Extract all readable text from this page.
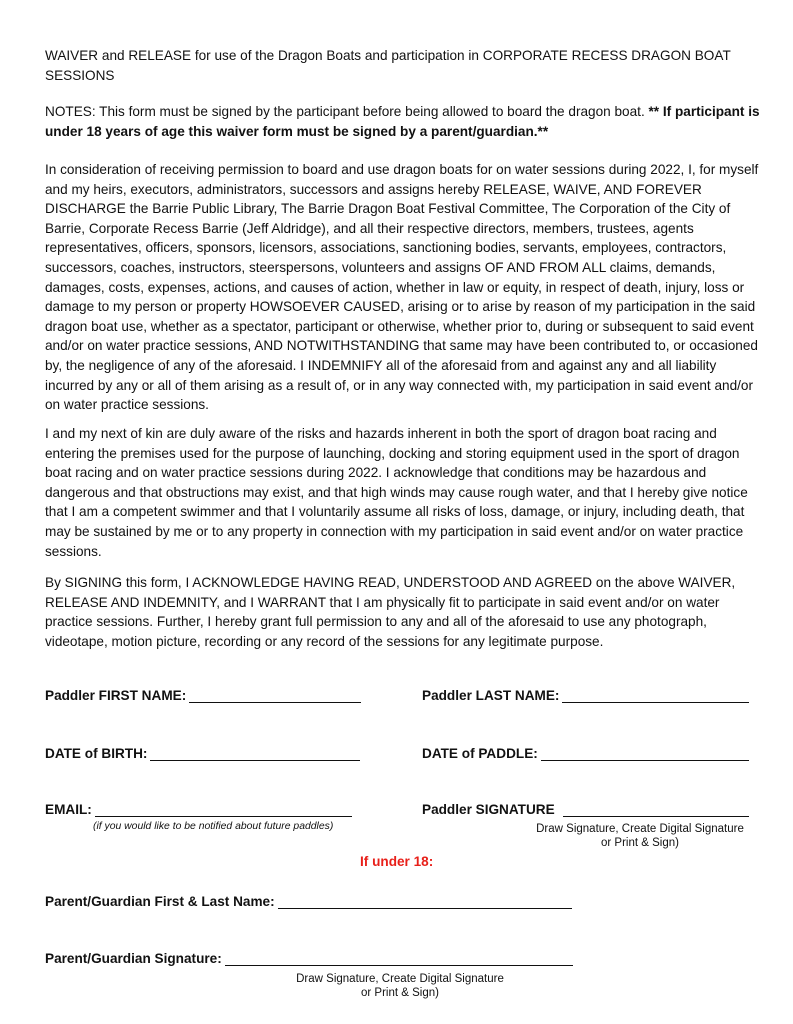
WAIVER and RELEASE for use of the Dragon Boats and participation in CORPORATE RECESS DRAGON BOAT SESSIONS

NOTES: This form must be signed by the participant before being allowed to board the dragon boat. ** If participant is under 18 years of age this waiver form must be signed by a parent/guardian.**

In consideration of receiving permission to board and use dragon boats for on water sessions during 2022, I, for myself and my heirs, executors, administrators, successors and assigns hereby RELEASE, WAIVE, AND FOREVER DISCHARGE the Barrie Public Library, The Barrie Dragon Boat Festival Committee, The Corporation of the City of Barrie, Corporate Recess Barrie (Jeff Aldridge), and all their respective directors, members, trustees, agents representatives, officers, sponsors, licensors, associations, sanctioning bodies, servants, employees, contractors, successors, coaches, instructors, steerspersons, volunteers and assigns OF AND FROM ALL claims, demands, damages, costs, expenses, actions, and causes of action, whether in law or equity, in respect of death, injury, loss or damage to my person or property HOWSOEVER CAUSED, arising or to arise by reason of my participation in the said dragon boat use, whether as a spectator, participant or otherwise, whether prior to, during or subsequent to said event and/or on water practice sessions, AND NOTWITHSTANDING that same may have been contributed to, or occasioned by, the negligence of any of the aforesaid. I INDEMNIFY all of the aforesaid from and against any and all liability incurred by any or all of them arising as a result of, or in any way connected with, my participation in said event and/or on water practice sessions.

I and my next of kin are duly aware of the risks and hazards inherent in both the sport of dragon boat racing and entering the premises used for the purpose of launching, docking and storing equipment used in the sport of dragon boat racing and on water practice sessions during 2022. I acknowledge that conditions may be hazardous and dangerous and that obstructions may exist, and that high winds may cause rough water, and that I hereby give notice that I am a competent swimmer and that I voluntarily assume all risks of loss, damage, or injury, including death, that may be sustained by me or to any property in connection with my participation in said event and/or on water practice sessions.

By SIGNING this form, I ACKNOWLEDGE HAVING READ, UNDERSTOOD AND AGREED on the above WAIVER, RELEASE AND INDEMNITY, and I WARRANT that I am physically fit to participate in said event and/or on water practice sessions. Further, I hereby grant full permission to any and all of the aforesaid to use any photograph, videotape, motion picture, recording or any record of the sessions for any legitimate purpose.

Paddler FIRST NAME:	Paddler LAST NAME:
DATE of BIRTH:	DATE of PADDLE:
EMAIL:
(if you would like to be notified about future paddles)
Paddler SIGNATURE
Draw Signature, Create Digital Signature
or Print & Sign)
If under 18:
Parent/Guardian First & Last Name:
Parent/Guardian Signature:
Draw Signature, Create Digital Signature
or Print & Sign)
